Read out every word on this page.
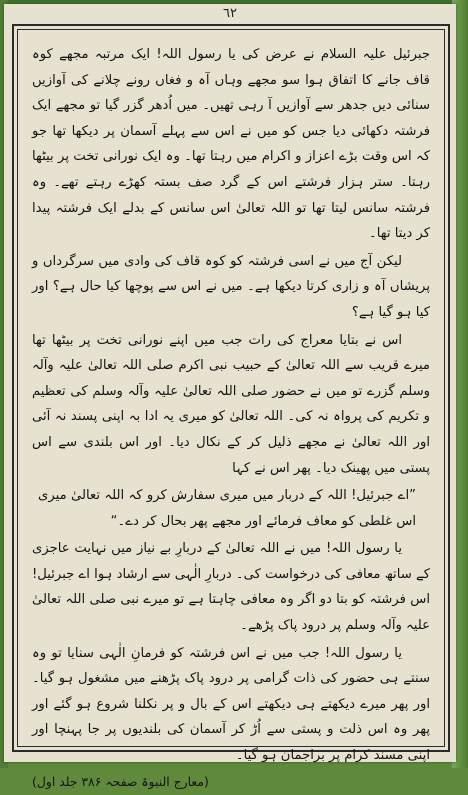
٦٢

جبرئیل علیہ السلام نے عرض کی یا رسول اللہ! ایک مرتبہ مجھے کوہ قاف جانے کا اتفاق ہوا سو مجھے وہاں آہ و فغاں رونے چلانے کی آوازیں سنائی دیں جدھر سے آوازیں آ رہی تھیں۔ میں اُدھر گزر گیا تو مجھے ایک فرشتہ دکھائی دیا جس کو میں نے اس سے پہلے آسمان پر دیکھا تھا جو کہ اس وقت بڑے اعزاز و اکرام میں رہتا تھا۔ وہ ایک نورانی تخت پر بیٹھا رہتا۔ ستر ہزار فرشتے اس کے گرد صف بستہ کھڑے رہتے تھے۔ وہ فرشتہ سانس لیتا تھا تو اللہ تعالیٰ اس سانس کے بدلے ایک فرشتہ پیدا کر دیتا تھا۔

لیکن آج میں نے اسی فرشتہ کو کوہ قاف کی وادی میں سرگرداں و پریشاں آہ و زاری کرتا دیکھا ہے۔ میں نے اس سے پوچھا کیا حال ہے؟ اور کیا ہو گیا ہے؟

اس نے بتایا معراج کی رات جب میں اپنے نورانی تخت پر بیٹھا تھا میرے قریب سے اللہ تعالیٰ کے حبیب نبی اکرم صلی اللہ تعالیٰ علیہ وآلہ وسلم گزرے تو میں نے حضور صلی اللہ تعالیٰ علیہ وآلہ وسلم کی تعظیم و تکریم کی پرواہ نہ کی۔ اللہ تعالیٰ کو میری یہ ادا بہ اپنی پسند نہ آئی اور اللہ تعالیٰ نے مجھے ذلیل کر کے نکال دیا۔ اور اس بلندی سے اس پستی میں پھینک دیا۔ پھر اس نے کہا

”اے جبرئیل! اللہ کے دربار میں میری سفارش کرو کہ اللہ تعالیٰ میری اس غلطی کو معاف فرمائے اور مجھے پھر بحال کر دے۔“

یا رسول اللہ! میں نے اللہ تعالیٰ کے دربارِ بے نیاز میں نہایت عاجزی کے ساتھ معافی کی درخواست کی۔ دربارِ الٰہی سے ارشاد ہوا اے جبرئیل! اس فرشتہ کو بتا دو اگر وہ معافی چاہتا ہے تو میرے نبی صلی اللہ تعالیٰ علیہ وآلہ وسلم پر درود پاک پڑھے۔

یا رسول اللہ! جب میں نے اس فرشتہ کو فرمانِ الٰہی سنایا تو وہ سنتے ہی حضور کی ذات گرامی پر درود پاک پڑھنے میں مشغول ہو گیا۔ اور پھر میرے دیکھتے ہی دیکھتے اس کے بال و پر نکلنا شروع ہو گئے اور پھر وہ اس ذلت و پستی سے اُڑ کر آسمان کی بلندیوں پر جا پہنچا اور اپنی مسند کرام پر براجمان ہو گیا۔

(معارج النبوۃ صفحہ ۳۸۶ جلد اول)
